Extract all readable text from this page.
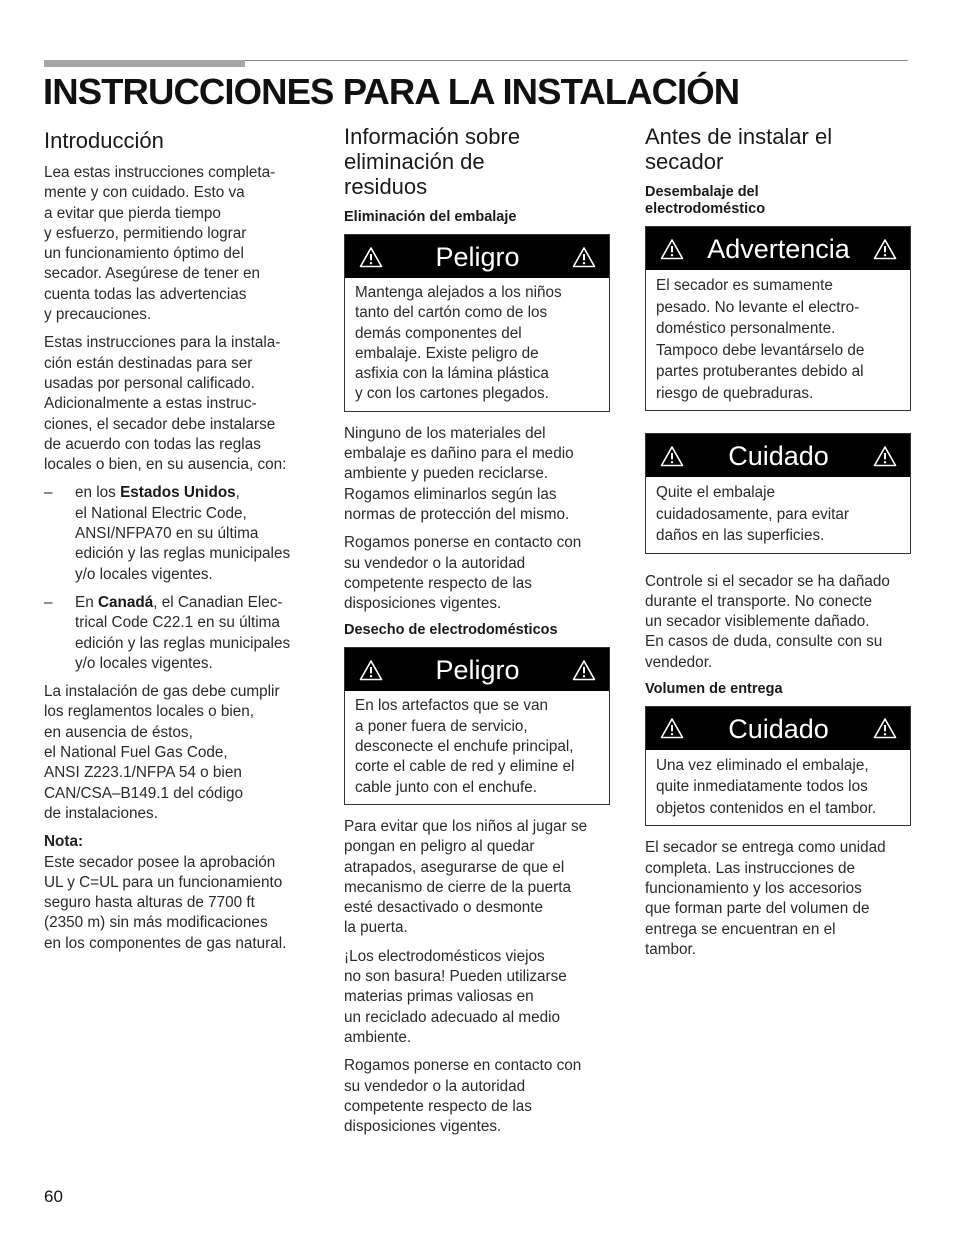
INSTRUCCIONES PARA LA INSTALACIÓN
Introducción
Lea estas instrucciones completa-
mente y con cuidado. Esto va
a evitar que pierda tiempo
y esfuerzo, permitiendo lograr
un funcionamiento óptimo del
secador. Asegúrese de tener en
cuenta todas las advertencias
y precauciones.
Estas instrucciones para la instala-
ción están destinadas para ser
usadas por personal calificado.
Adicionalmente a estas instruc-
ciones, el secador debe instalarse
de acuerdo con todas las reglas
locales o bien, en su ausencia, con:
–	en los Estados Unidos,
el National Electric Code,
ANSI/NFPA70 en su última
edición y las reglas municipales
y/o locales vigentes.
–	En Canadá, el Canadian Elec-
trical Code C22.1 en su última
edición y las reglas municipales
y/o locales vigentes.
La instalación de gas debe cumplir
los reglamentos locales o bien,
en ausencia de éstos,
el National Fuel Gas Code,
ANSI Z223.1/NFPA 54 o bien
CAN/CSA–B149.1 del código
de instalaciones.
Nota:
Este secador posee la aprobación
UL y C=UL para un funcionamiento
seguro hasta alturas de 7700 ft
(2350 m) sin más modificaciones
en los componentes de gas natural.
Información sobre
eliminación de
residuos
Eliminación del embalaje
Peligro
Mantenga alejados a los niños
tanto del cartón como de los
demás componentes del
embalaje. Existe peligro de
asfixia con la lámina plástica
y con los cartones plegados.
Ninguno de los materiales del
embalaje es dañino para el medio
ambiente y pueden reciclarse.
Rogamos eliminarlos según las
normas de protección del mismo.
Rogamos ponerse en contacto con
su vendedor o la autoridad
competente respecto de las
disposiciones vigentes.
Desecho de electrodomésticos
Peligro
En los artefactos que se van
a poner fuera de servicio,
desconecte el enchufe principal,
corte el cable de red y elimine el
cable junto con el enchufe.
Para evitar que los niños al jugar se
pongan en peligro al quedar
atrapados, asegurarse de que el
mecanismo de cierre de la puerta
esté desactivado o desmonte
la puerta.
¡Los electrodomésticos viejos
no son basura! Pueden utilizarse
materias primas valiosas en
un reciclado adecuado al medio
ambiente.
Rogamos ponerse en contacto con
su vendedor o la autoridad
competente respecto de las
disposiciones vigentes.
Antes de instalar el
secador
Desembalaje del
electrodoméstico
Advertencia
El secador es sumamente
pesado. No levante el electro-
doméstico personalmente.
Tampoco debe levantárselo de
partes protuberantes debido al
riesgo de quebraduras.
Cuidado
Quite el embalaje
cuidadosamente, para evitar
daños en las superficies.
Controle si el secador se ha dañado
durante el transporte. No conecte
un secador visiblemente dañado.
En casos de duda, consulte con su
vendedor.
Volumen de entrega
Cuidado
Una vez eliminado el embalaje,
quite inmediatamente todos los
objetos contenidos en el tambor.
El secador se entrega como unidad
completa. Las instrucciones de
funcionamiento y los accesorios
que forman parte del volumen de
entrega se encuentran en el
tambor.
60
